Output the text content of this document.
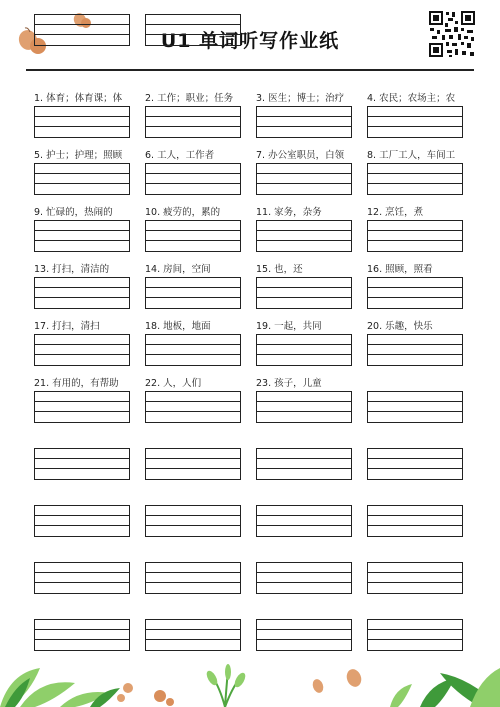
U1 单词听写作业纸
1. 体育；体育课；体	2. 工作；职业；任务	3. 医生；博士；治疗	4. 农民；农场主；农
5. 护士；护理；照顾	6. 工人，工作者	7. 办公室职员，白领	8. 工厂工人，车间工
9. 忙碌的，热闹的	10. 疲劳的，累的	11. 家务，杂务	12. 烹饪，煮
13. 打扫，清洁的	14. 房间，空间	15. 也，还	16. 照顾，照看
17. 打扫，清扫	18. 地板，地面	19. 一起，共同	20. 乐趣，快乐
21. 有用的，有帮助	22. 人，人们	23. 孩子，儿童
